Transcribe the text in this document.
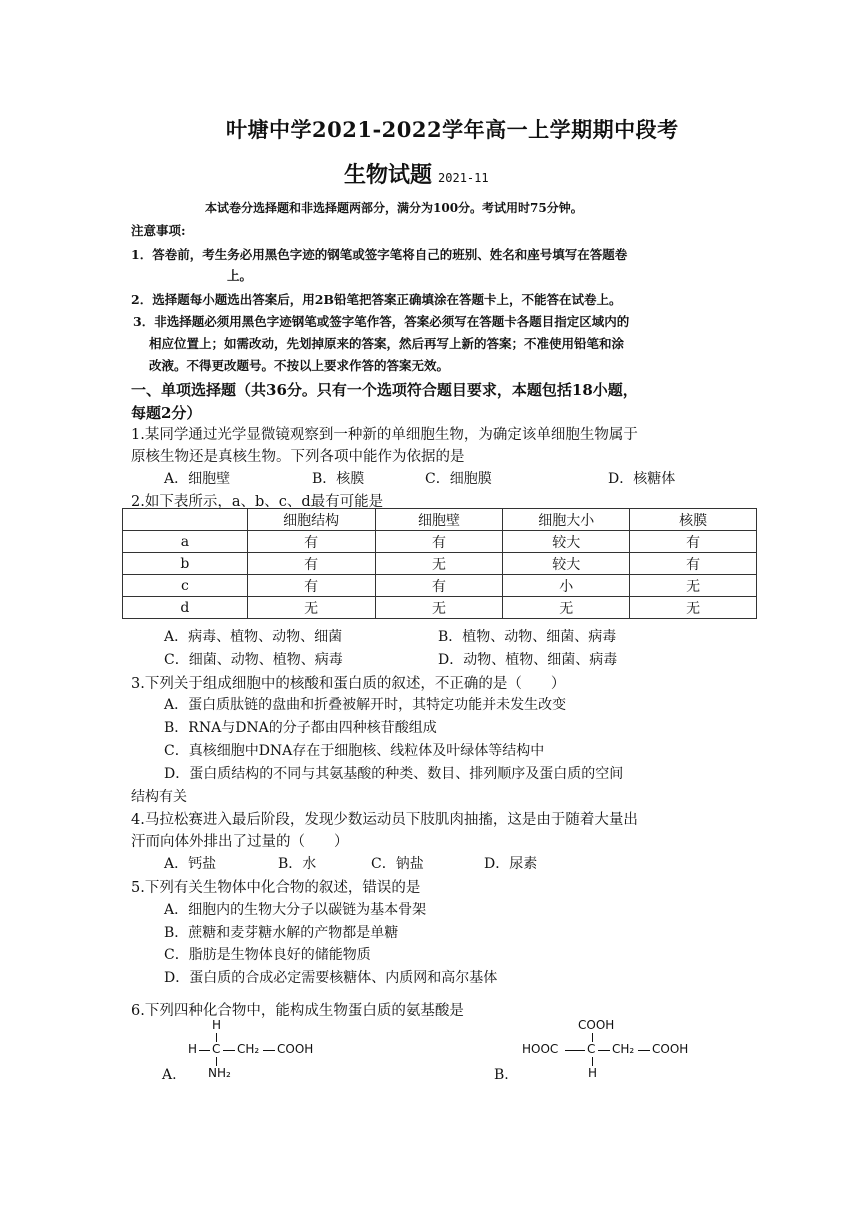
叶塘中学2021-2022学年高一上学期期中段考
生物试题 2021-11
本试卷分选择题和非选择题两部分，满分为100分。考试用时75分钟。
注意事项:
1．答卷前，考生务必用黑色字迹的钢笔或签字笔将自己的班别、姓名和座号填写在答题卷
上。
2．选择题每小题选出答案后，用2B铅笔把答案正确填涂在答题卡上，不能答在试卷上。
3．非选择题必须用黑色字迹钢笔或签字笔作答，答案必须写在答题卡各题目指定区域内的
相应位置上；如需改动，先划掉原来的答案，然后再写上新的答案；不准使用铅笔和涂
改液。不得更改题号。不按以上要求作答的答案无效。
一、单项选择题（共36分。只有一个选项符合题目要求，本题包括18小题，
每题2分）
1.某同学通过光学显微镜观察到一种新的单细胞生物，为确定该单细胞生物属于
原核生物还是真核生物。下列各项中能作为依据的是
A．细胞壁	B．核膜	C．细胞膜	D．核糖体
2.如下表所示，a、b、c、d最有可能是
	细胞结构	细胞壁	细胞大小	核膜
a	有	有	较大	有
b	有	无	较大	有
c	有	有	小	无
d	无	无	无	无
A．病毒、植物、动物、细菌	B．植物、动物、细菌、病毒
C．细菌、动物、植物、病毒	D．动物、植物、细菌、病毒
3.下列关于组成细胞中的核酸和蛋白质的叙述，不正确的是（　　）
A．蛋白质肽链的盘曲和折叠被解开时，其特定功能并未发生改变
B．RNA与DNA的分子都由四种核苷酸组成
C．真核细胞中DNA存在于细胞核、线粒体及叶绿体等结构中
D．蛋白质结构的不同与其氨基酸的种类、数目、排列顺序及蛋白质的空间
结构有关
4.马拉松赛进入最后阶段，发现少数运动员下肢肌肉抽搐，这是由于随着大量出
汗而向体外排出了过量的（　　）
A．钙盐	B．水	C．钠盐	D．尿素
5.下列有关生物体中化合物的叙述，错误的是
A．细胞内的生物大分子以碳链为基本骨架
B．蔗糖和麦芽糖水解的产物都是单糖
C．脂肪是生物体良好的储能物质
D．蛋白质的合成必定需要核糖体、内质网和高尔基体
6.下列四种化合物中，能构成生物蛋白质的氨基酸是
A.	B.
H
H C CH₂ COOH
NH₂
COOH
HOOC C CH₂ COOH
H
